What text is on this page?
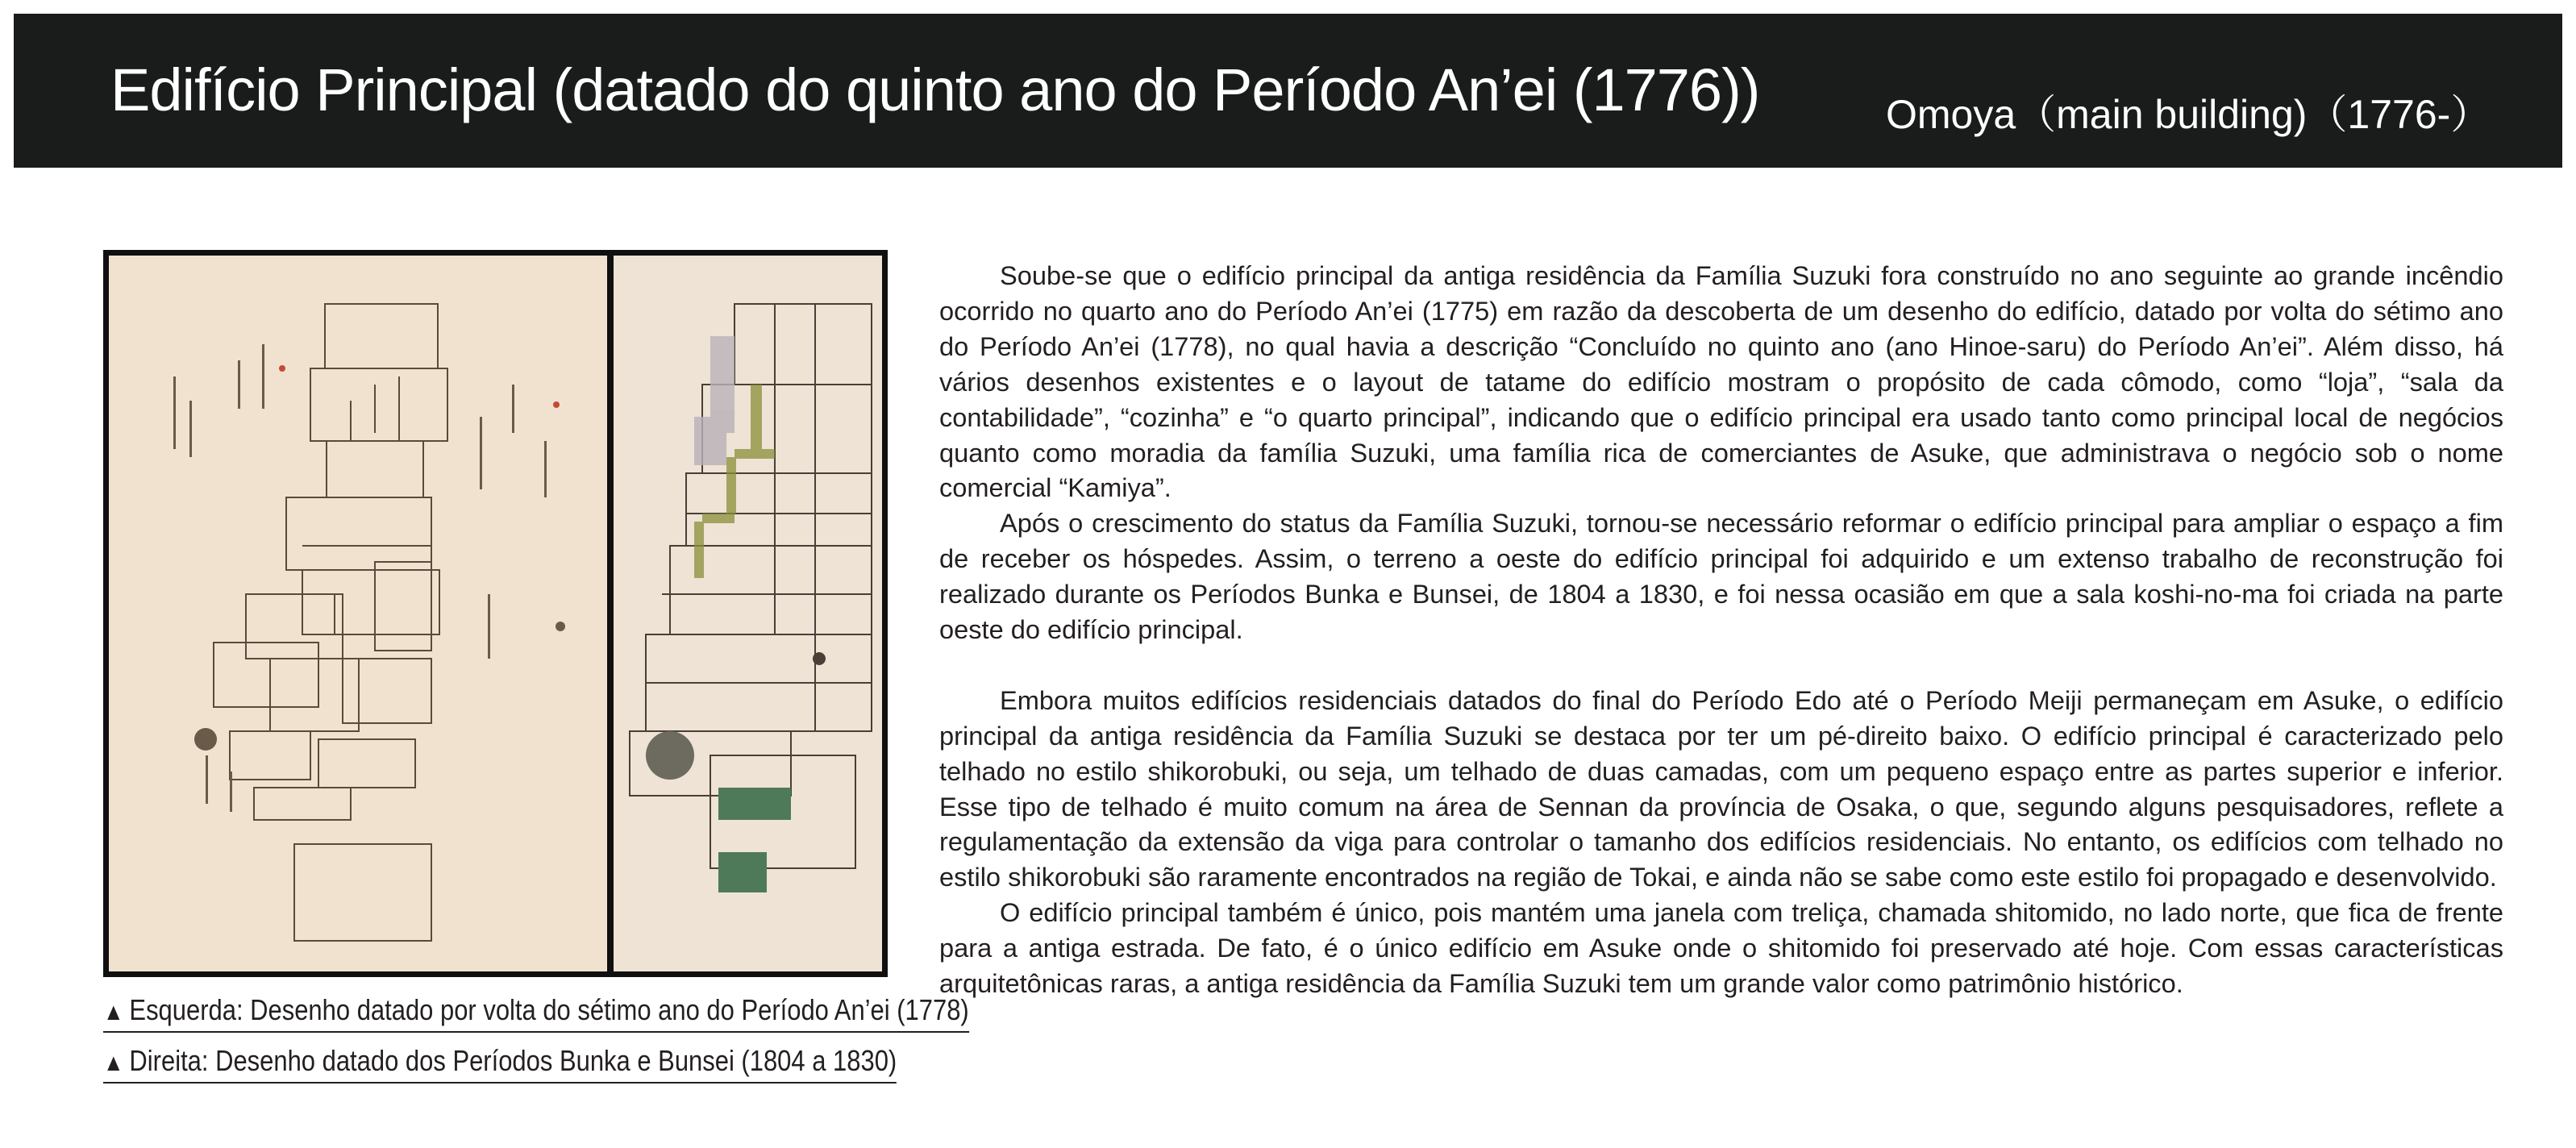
Edifício Principal (datado do quinto ano do Período An’ei (1776))	Omoya（main building)（1776-）
▲ Esquerda: Desenho datado por volta do sétimo ano do Período An’ei (1778)
▲ Direita: Desenho datado dos Períodos Bunka e Bunsei (1804 a 1830)

Soube-se que o edifício principal da antiga residência da Família Suzuki fora construído no ano seguinte ao grande incêndio ocorrido no quarto ano do Período An’ei (1775) em razão da descoberta de um desenho do edifício, datado por volta do sétimo ano do Período An’ei (1778), no qual havia a descrição “Concluído no quinto ano (ano Hinoe-saru) do Período An’ei”. Além disso, há vários desenhos existentes e o layout de tatame do edifício mostram o propósito de cada cômodo, como “loja”, “sala da contabilidade”, “cozinha” e “o quarto principal”, indicando que o edifício principal era usado tanto como principal local de negócios quanto como moradia da família Suzuki, uma família rica de comerciantes de Asuke, que administrava o negócio sob o nome comercial “Kamiya”.

Após o crescimento do status da Família Suzuki, tornou-se necessário reformar o edifício principal para ampliar o espaço a fim de receber os hóspedes. Assim, o terreno a oeste do edifício principal foi adquirido e um extenso trabalho de reconstrução foi realizado durante os Períodos Bunka e Bunsei, de 1804 a 1830, e foi nessa ocasião em que a sala koshi-no-ma foi criada na parte oeste do edifício principal.

Embora muitos edifícios residenciais datados do final do Período Edo até o Período Meiji permaneçam em Asuke, o edifício principal da antiga residência da Família Suzuki se destaca por ter um pé-direito baixo. O edifício principal é caracterizado pelo telhado no estilo shikorobuki, ou seja, um telhado de duas camadas, com um pequeno espaço entre as partes superior e inferior. Esse tipo de telhado é muito comum na área de Sennan da província de Osaka, o que, segundo alguns pesquisadores, reflete a regulamentação da extensão da viga para controlar o tamanho dos edifícios residenciais. No entanto, os edifícios com telhado no estilo shikorobuki são raramente encontrados na região de Tokai, e ainda não se sabe como este estilo foi propagado e desenvolvido.

O edifício principal também é único, pois mantém uma janela com treliça, chamada shitomido, no lado norte, que fica de frente para a antiga estrada. De fato, é o único edifício em Asuke onde o shitomido foi preservado até hoje. Com essas características arquitetônicas raras, a antiga residência da Família Suzuki tem um grande valor como patrimônio histórico.
